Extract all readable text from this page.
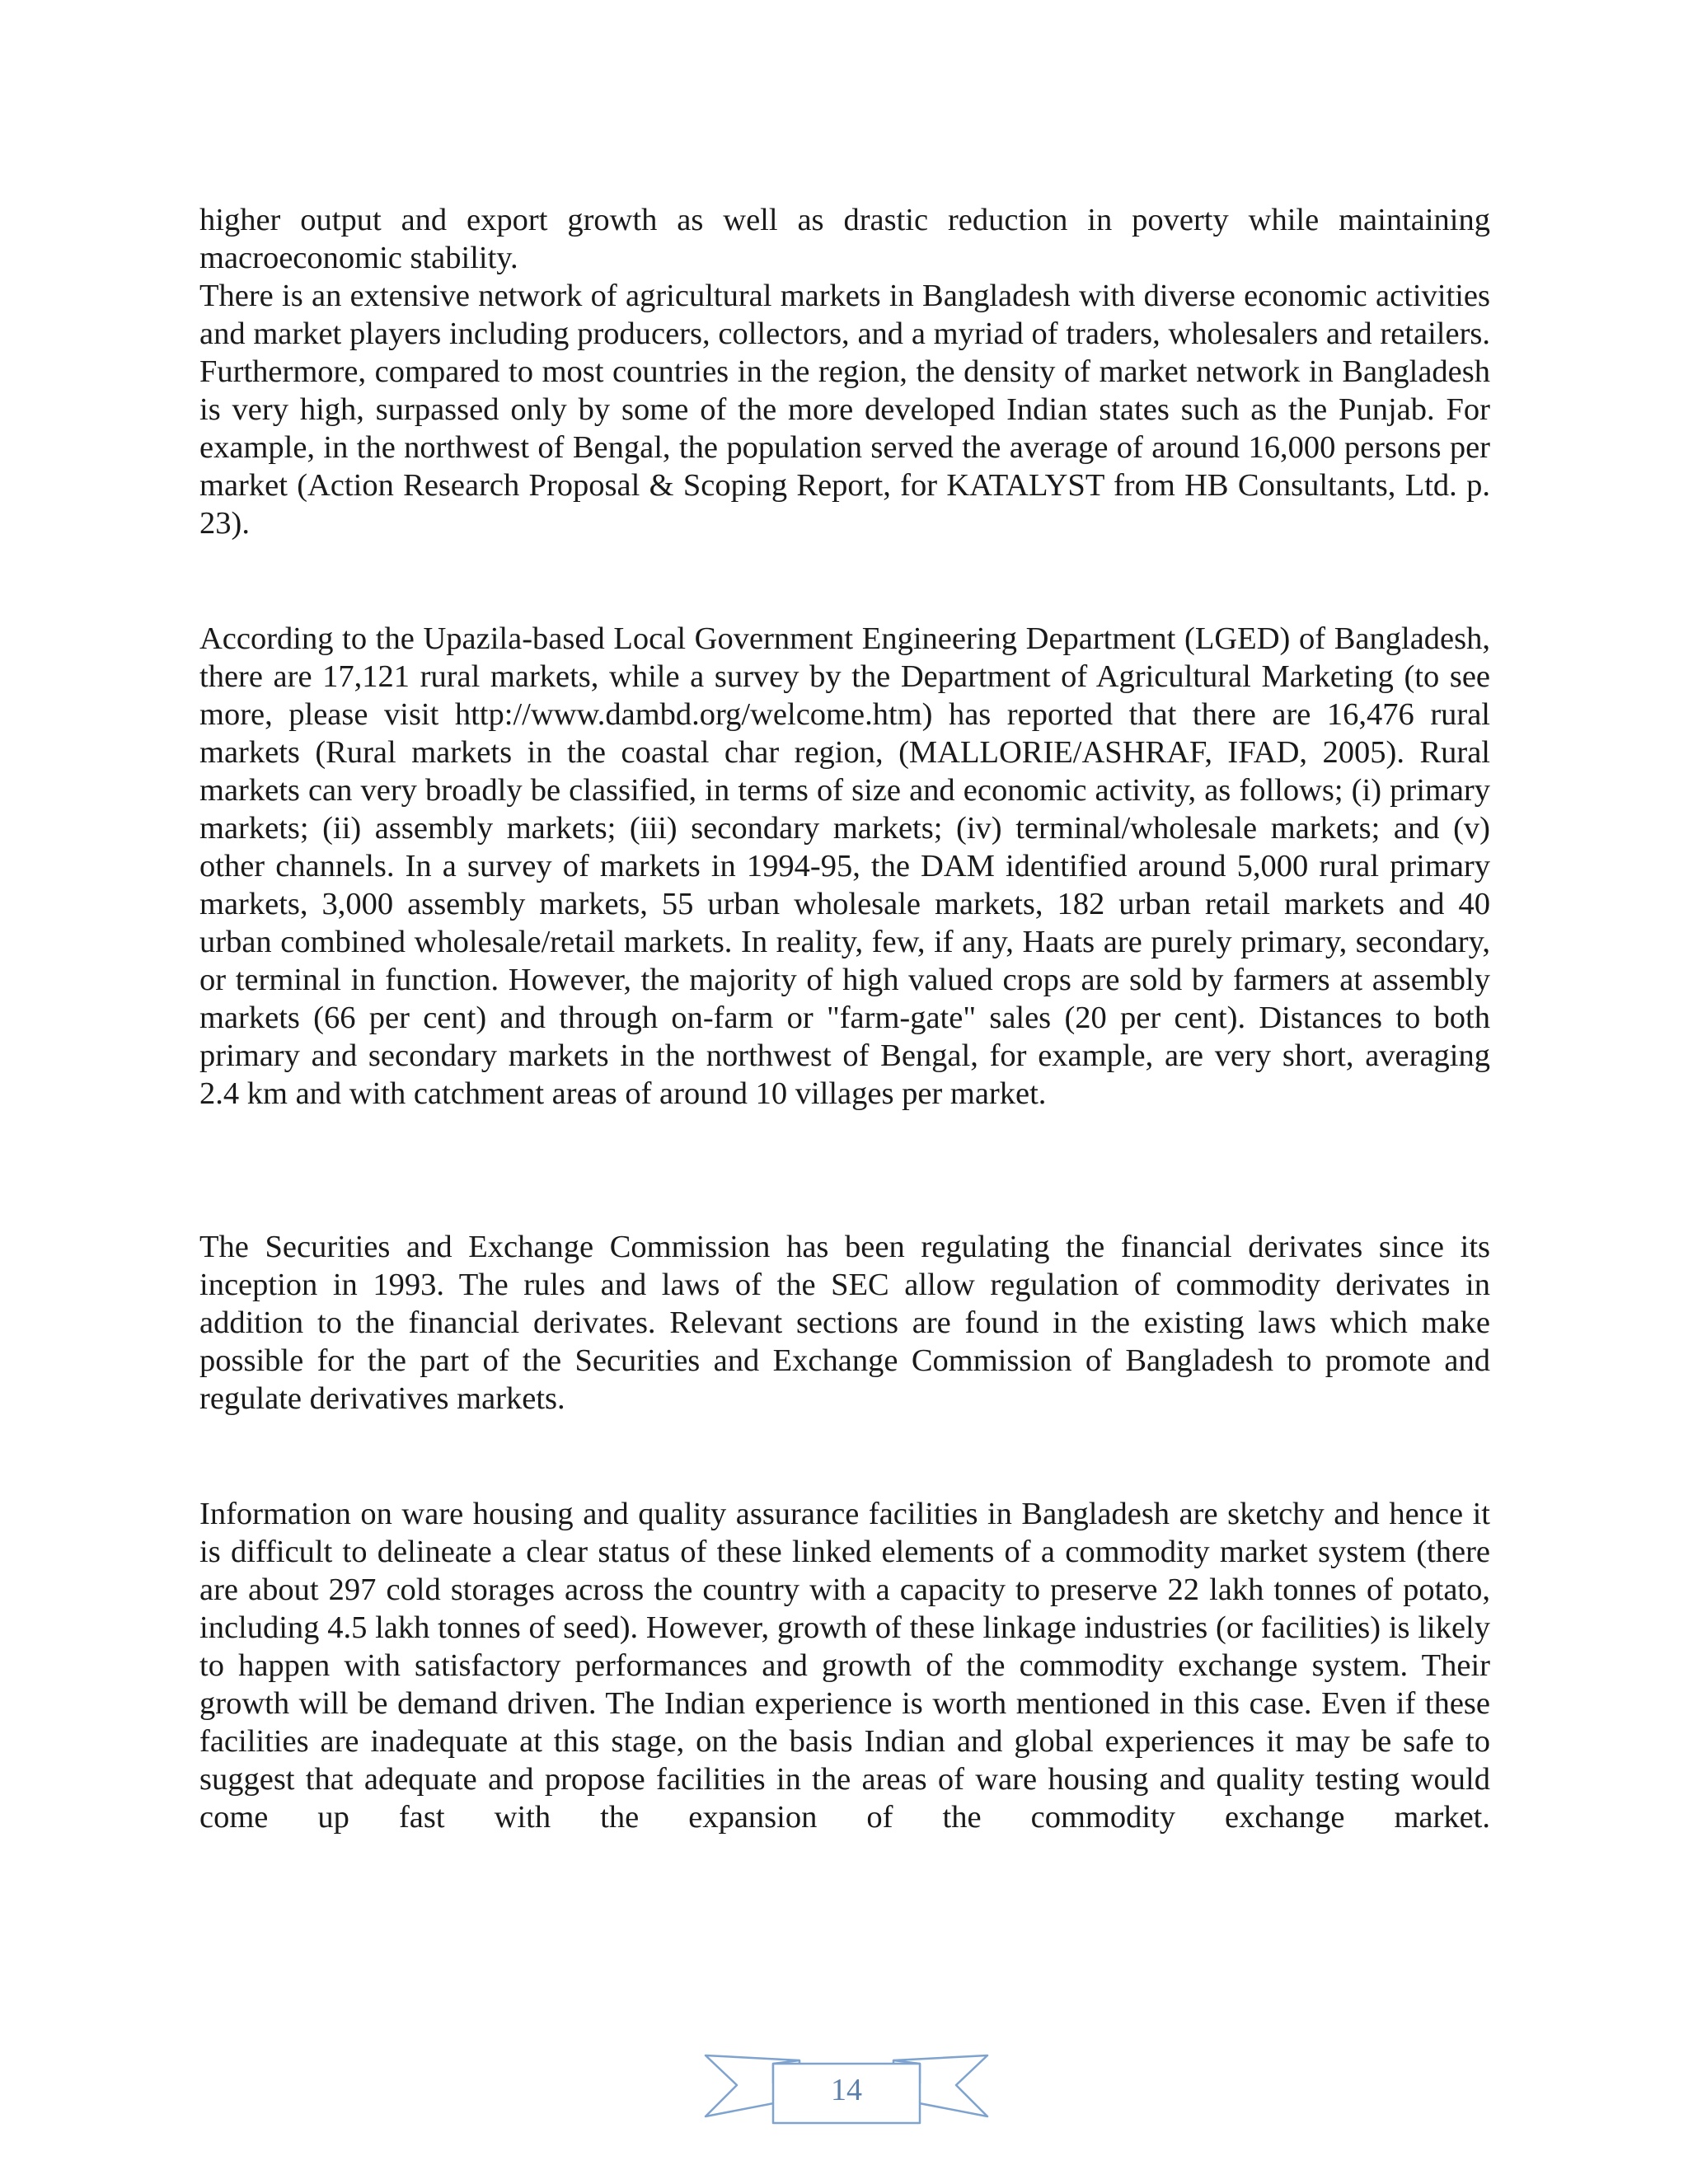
higher output and export growth as well as drastic reduction in poverty while maintaining macroeconomic stability.

There is an extensive network of agricultural markets in Bangladesh with diverse economic activities and market players including producers, collectors, and a myriad of traders, wholesalers and retailers. Furthermore, compared to most countries in the region, the density of market network in Bangladesh is very high, surpassed only by some of the more developed Indian states such as the Punjab. For example, in the northwest of Bengal, the population served the average of around 16,000 persons per market (Action Research Proposal & Scoping Report, for KATALYST from HB Consultants, Ltd. p. 23).

According to the Upazila-based Local Government Engineering Department (LGED) of Bangladesh, there are 17,121 rural markets, while a survey by the Department of Agricultural Marketing (to see more, please visit http://www.dambd.org/welcome.htm) has reported that there are 16,476 rural markets (Rural markets in the coastal char region, (MALLORIE/ASHRAF, IFAD, 2005). Rural markets can very broadly be classified, in terms of size and economic activity, as follows; (i) primary markets; (ii) assembly markets; (iii) secondary markets; (iv) terminal/wholesale markets; and (v) other channels. In a survey of markets in 1994-95, the DAM identified around 5,000 rural primary markets, 3,000 assembly markets, 55 urban wholesale markets, 182 urban retail markets and 40 urban combined wholesale/retail markets. In reality, few, if any, Haats are purely primary, secondary, or terminal in function. However, the majority of high valued crops are sold by farmers at assembly markets (66 per cent) and through on-farm or "farm-gate" sales (20 per cent). Distances to both primary and secondary markets in the northwest of Bengal, for example, are very short, averaging 2.4 km and with catchment areas of around 10 villages per market.

The Securities and Exchange Commission has been regulating the financial derivates since its inception in 1993. The rules and laws of the SEC allow regulation of commodity derivates in addition to the financial derivates. Relevant sections are found in the existing laws which make possible for the part of the Securities and Exchange Commission of Bangladesh to promote and regulate derivatives markets.

Information on ware housing and quality assurance facilities in Bangladesh are sketchy and hence it is difficult to delineate a clear status of these linked elements of a commodity market system (there are about 297 cold storages across the country with a capacity to preserve 22 lakh tonnes of potato, including 4.5 lakh tonnes of seed). However, growth of these linkage industries (or facilities) is likely to happen with satisfactory performances and growth of the commodity exchange system. Their growth will be demand driven. The Indian experience is worth mentioned in this case. Even if these facilities are inadequate at this stage, on the basis Indian and global experiences it may be safe to suggest that adequate and propose facilities in the areas of ware housing and quality testing would come up fast with the expansion of the commodity exchange market.

14
